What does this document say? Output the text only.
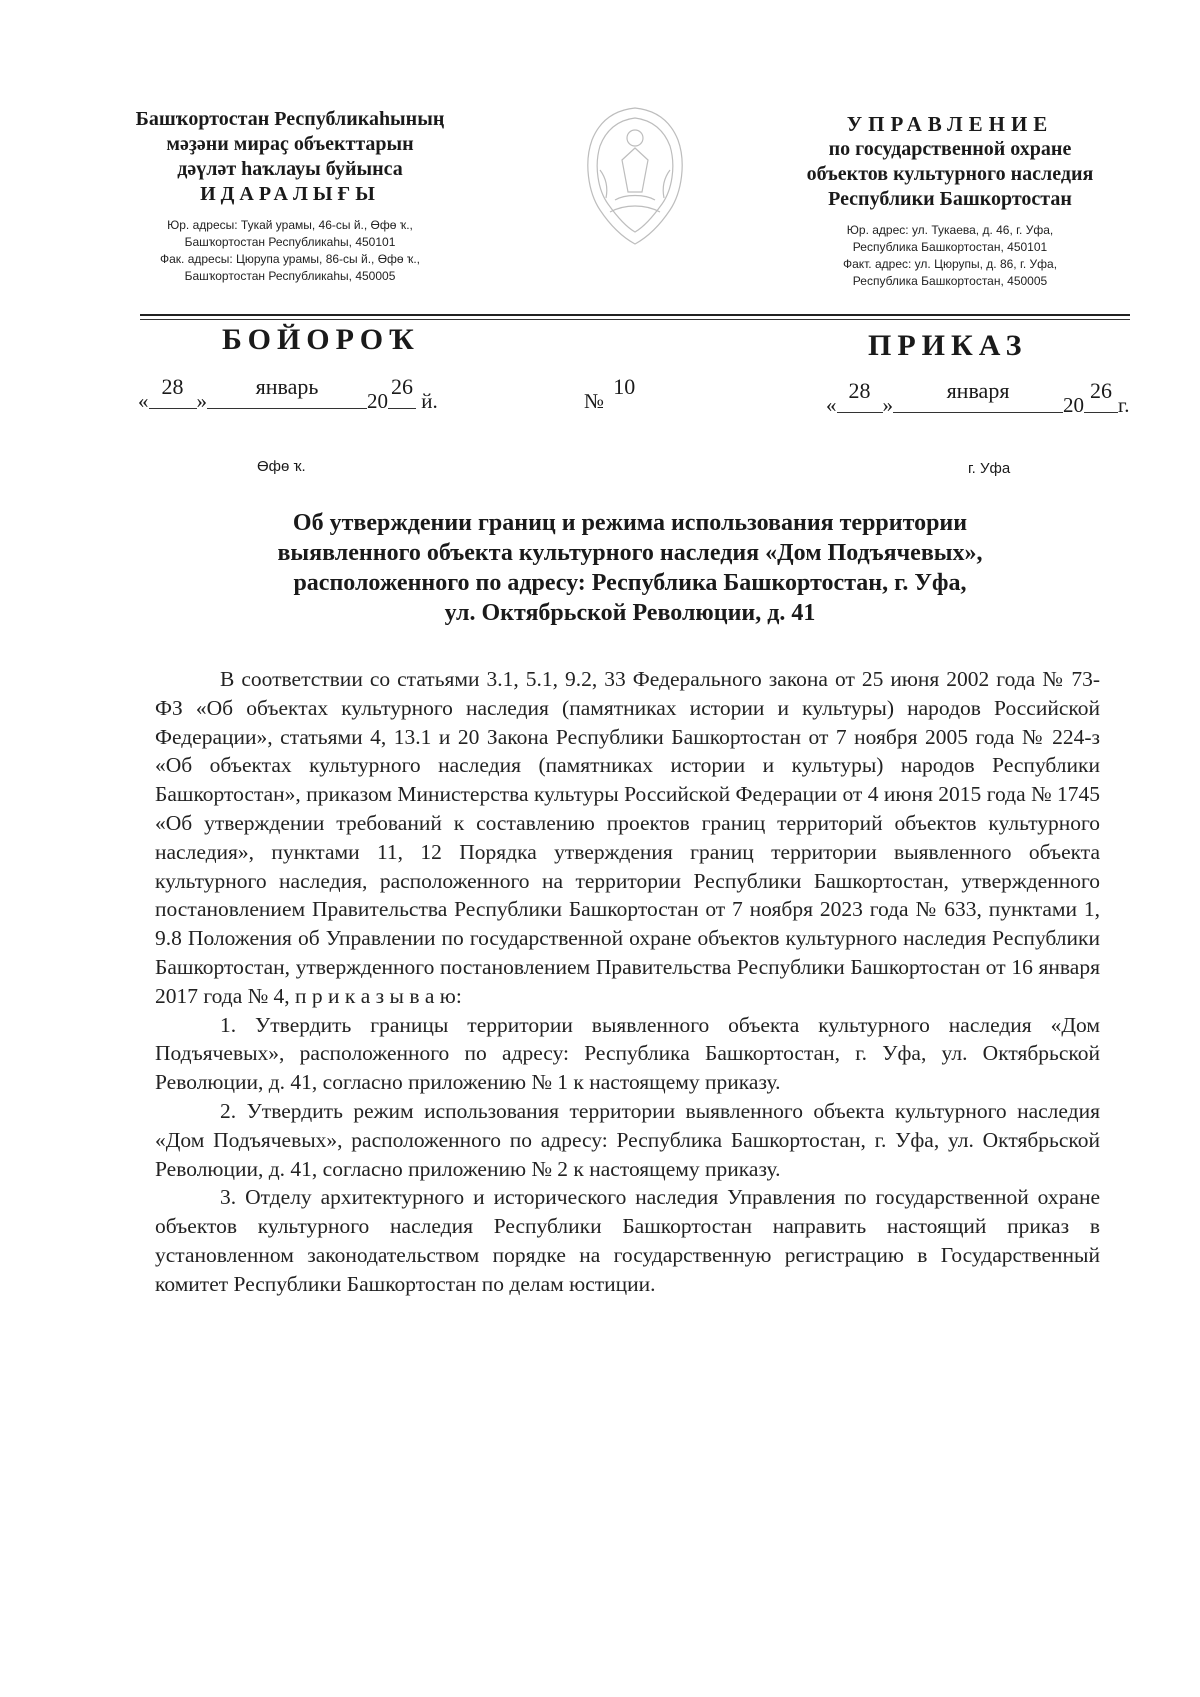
Башҡортостан Республикаһының
мәҙәни мираҫ объекттарын
дәүләт һаҡлауы буйынса
ИДАРАЛЫҒЫ
Юр. адресы: Тукай урамы, 46-сы й., Өфө ҡ.,
Башҡортостан Республикаһы, 450101
Фак. адресы: Цюрупа урамы, 86-сы й., Өфө ҡ.,
Башҡортостан Республикаһы, 450005
УПРАВЛЕНИЕ
по государственной охране
объектов культурного наследия
Республики Башкортостан
Юр. адрес: ул. Тукаева, д. 46, г. Уфа,
Республика Башкортостан, 450101
Факт. адрес: ул. Цюрупы, д. 86, г. Уфа,
Республика Башкортостан, 450005
БОЙОРОҠ	ПРИКАЗ
«28»январь2026 й.	№ 10
«28»января2026г.
Өфө ҡ.	г. Уфа
Об утверждении границ и режима использования территории
выявленного объекта культурного наследия «Дом Подъячевых»,
расположенного по адресу: Республика Башкортостан, г. Уфа,
ул. Октябрьской Революции, д. 41

В соответствии со статьями 3.1, 5.1, 9.2, 33 Федерального закона от 25 июня 2002 года № 73-ФЗ «Об объектах культурного наследия (памятниках истории и культуры) народов Российской Федерации», статьями 4, 13.1 и 20 Закона Республики Башкортостан от 7 ноября 2005 года № 224-з «Об объектах культурного наследия (памятниках истории и культуры) народов Республики Башкортостан», приказом Министерства культуры Российской Федерации от 4 июня 2015 года № 1745 «Об утверждении требований к составлению проектов границ территорий объектов культурного наследия», пунктами 11, 12 Порядка утверждения границ территории выявленного объекта культурного наследия, расположенного на территории Республики Башкортостан, утвержденного постановлением Правительства Республики Башкортостан от 7 ноября 2023 года № 633, пунктами 1, 9.8 Положения об Управлении по государственной охране объектов культурного наследия Республики Башкортостан, утвержденного постановлением Правительства Республики Башкортостан от 16 января 2017 года № 4, п р и к а з ы в а ю:

1. Утвердить границы территории выявленного объекта культурного наследия «Дом Подъячевых», расположенного по адресу: Республика Башкортостан, г. Уфа, ул. Октябрьской Революции, д. 41, согласно приложению № 1 к настоящему приказу.

2. Утвердить режим использования территории выявленного объекта культурного наследия «Дом Подъячевых», расположенного по адресу: Республика Башкортостан, г. Уфа, ул. Октябрьской Революции, д. 41, согласно приложению № 2 к настоящему приказу.

3. Отделу архитектурного и исторического наследия Управления по государственной охране объектов культурного наследия Республики Башкортостан направить настоящий приказ в установленном законодательством порядке на государственную регистрацию в Государственный комитет Республики Башкортостан по делам юстиции.
